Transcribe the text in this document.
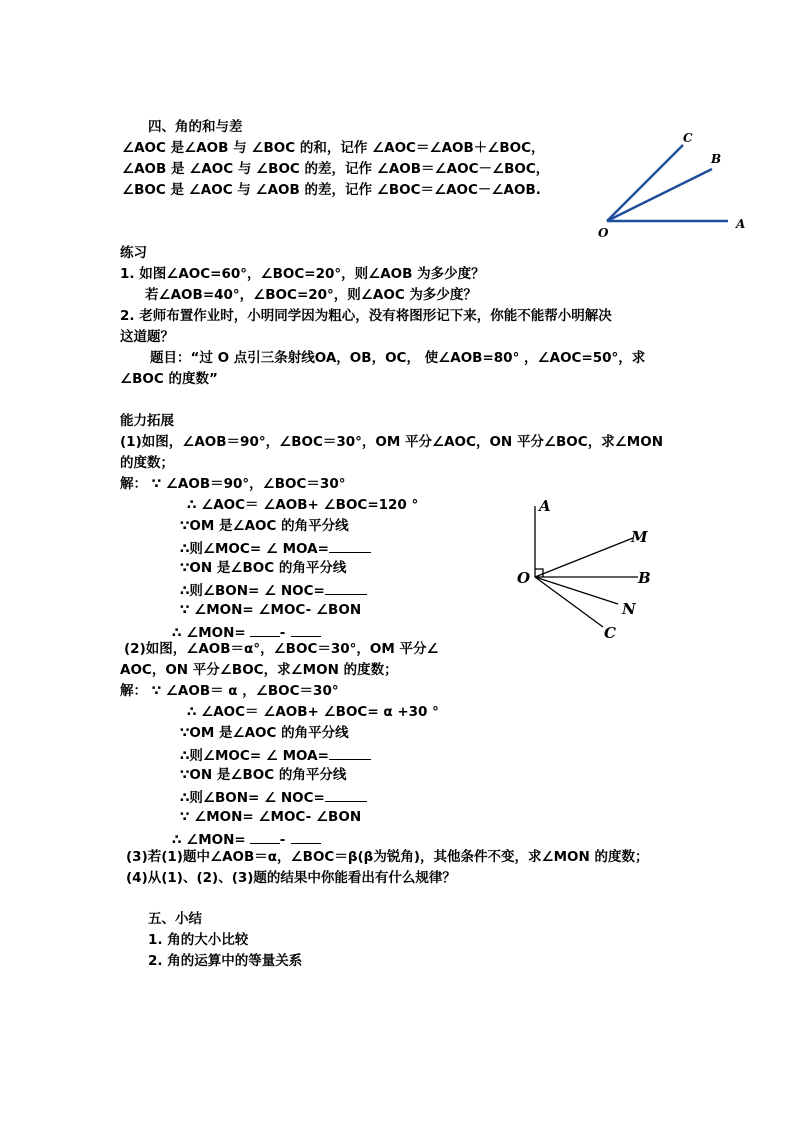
四、角的和与差
∠AOC 是∠AOB 与 ∠BOC 的和，记作 ∠AOC＝∠AOB＋∠BOC，
∠AOB 是 ∠AOC 与 ∠BOC 的差，记作 ∠AOB＝∠AOC－∠BOC，
∠BOC 是 ∠AOC 与 ∠AOB 的差，记作 ∠BOC＝∠AOC－∠AOB.
O
A
B
C
练习
1. 如图∠AOC=60°，∠BOC=20°，则∠AOB 为多少度？
若∠AOB=40°，∠BOC=20°，则∠AOC 为多少度？
2. 老师布置作业时，小明同学因为粗心，没有将图形记下来，你能不能帮小明解决
这道题？
题目：“过 O 点引三条射线OA，OB，OC， 使∠AOB=80° ，∠AOC=50°，求
∠BOC 的度数”
能力拓展
(1)如图，∠AOB＝90°，∠BOC＝30°，OM 平分∠AOC，ON 平分∠BOC，求∠MON
的度数；
解： ∵ ∠AOB＝90°，∠BOC＝30°
∴ ∠AOC＝ ∠AOB+ ∠BOC=120 °
∵OM 是∠AOC 的角平分线
∴则∠MOC= ∠ MOA=
∵ON 是∠BOC 的角平分线
∴则∠BON= ∠ NOC=
∵ ∠MON= ∠MOC- ∠BON
∴ ∠MON=	-
A
M
O	B
N
C
(2)如图，∠AOB＝α°，∠BOC＝30°，OM 平分∠
AOC，ON 平分∠BOC，求∠MON 的度数；
解： ∵ ∠AOB＝ α ，∠BOC＝30°
∴ ∠AOC＝ ∠AOB+ ∠BOC= α +30 °
∵OM 是∠AOC 的角平分线
∴则∠MOC= ∠ MOA=
∵ON 是∠BOC 的角平分线
∴则∠BON= ∠ NOC=
∵ ∠MON= ∠MOC- ∠BON
∴ ∠MON=	-
(3)若(1)题中∠AOB＝α，∠BOC＝β(β为锐角)，其他条件不变，求∠MON 的度数；
(4)从(1)、(2)、(3)题的结果中你能看出有什么规律？
五、小结
1. 角的大小比较
2. 角的运算中的等量关系
